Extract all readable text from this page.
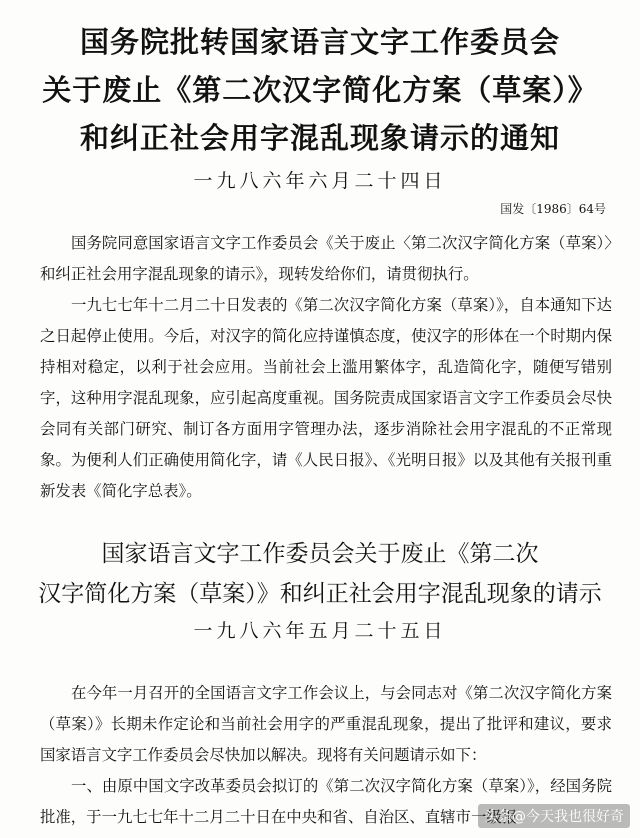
国务院批转国家语言文字工作委员会
关于废止《第二次汉字简化方案（草案）》
和纠正社会用字混乱现象请示的通知
一九八六年六月二十四日
国发〔1986〕64号

国务院同意国家语言文字工作委员会《关于废止〈第二次汉字简化方案（草案）〉和纠正社会用字混乱现象的请示》，现转发给你们，请贯彻执行。

一九七七年十二月二十日发表的《第二次汉字简化方案（草案）》，自本通知下达之日起停止使用。今后，对汉字的简化应持谨慎态度，使汉字的形体在一个时期内保持相对稳定，以利于社会应用。当前社会上滥用繁体字，乱造简化字，随便写错别字，这种用字混乱现象，应引起高度重视。国务院责成国家语言文字工作委员会尽快会同有关部门研究、制订各方面用字管理办法，逐步消除社会用字混乱的不正常现象。为便利人们正确使用简化字，请《人民日报》、《光明日报》以及其他有关报刊重新发表《简化字总表》。

国家语言文字工作委员会关于废止《第二次
汉字简化方案（草案）》和纠正社会用字混乱现象的请示
一九八六年五月二十五日

在今年一月召开的全国语言文字工作会议上，与会同志对《第二次汉字简化方案（草案）》长期未作定论和当前社会用字的严重混乱现象，提出了批评和建议，要求国家语言文字工作委员会尽快加以解决。现将有关问题请示如下：

一、由原中国文字改革委员会拟订的《第二次汉字简化方案（草案）》，经国务院批准，于一九七七年十二月二十日在中央和省、自治区、直辖市一级报

头条@今天我也很好奇
